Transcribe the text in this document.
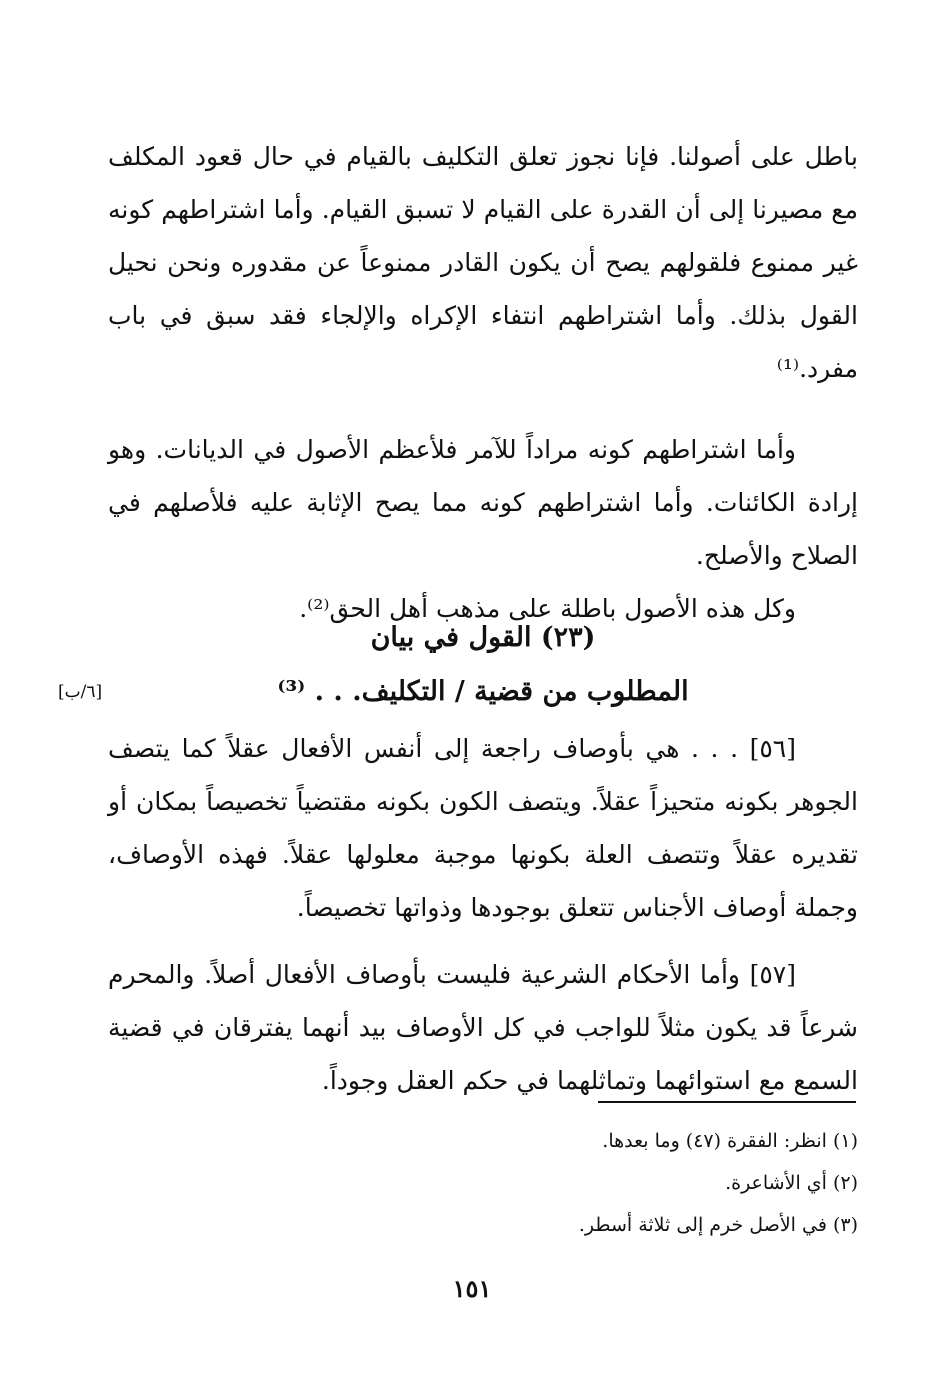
باطل على أصولنا. فإنا نجوز تعلق التكليف بالقيام في حال قعود المكلف مع مصيرنا إلى أن القدرة على القيام لا تسبق القيام. وأما اشتراطهم كونه غير ممنوع فلقولهم يصح أن يكون القادر ممنوعاً عن مقدوره ونحن نحيل القول بذلك. وأما اشتراطهم انتفاء الإكراه والإلجاء فقد سبق في باب مفرد.⁽¹⁾

وأما اشتراطهم كونه مراداً للآمر فلأعظم الأصول في الديانات. وهو إرادة الكائنات. وأما اشتراطهم كونه مما يصح الإثابة عليه فلأصلهم في الصلاح والأصلح.

وكل هذه الأصول باطلة على مذهب أهل الحق⁽²⁾.

(٢٣) القول في بيان
المطلوب من قضية / التكليف. . . ⁽³⁾
[٦/ب]

[٥٦] . . . هي بأوصاف راجعة إلى أنفس الأفعال عقلاً كما يتصف الجوهر بكونه متحيزاً عقلاً. ويتصف الكون بكونه مقتضياً تخصيصاً بمكان أو تقديره عقلاً وتتصف العلة بكونها موجبة معلولها عقلاً. فهذه الأوصاف، وجملة أوصاف الأجناس تتعلق بوجودها وذواتها تخصيصاً.

[٥٧] وأما الأحكام الشرعية فليست بأوصاف الأفعال أصلاً. والمحرم شرعاً قد يكون مثلاً للواجب في كل الأوصاف بيد أنهما يفترقان في قضية السمع مع استوائهما وتماثلهما في حكم العقل وجوداً.

(١) انظر: الفقرة (٤٧) وما بعدها.

(٢) أي الأشاعرة.

(٣) في الأصل خرم إلى ثلاثة أسطر.

١٥١
